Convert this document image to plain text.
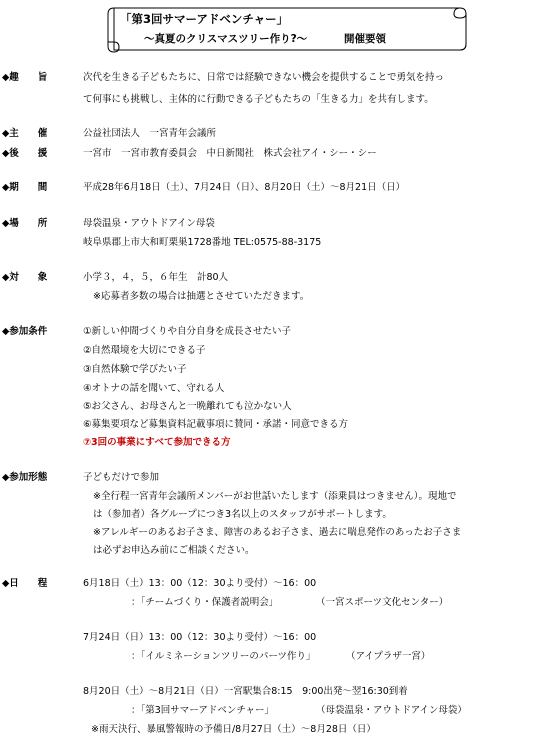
「第3回サマーアドベンチャー」
～真夏のクリスマスツリー作り?～	開催要領
◆趣　　旨	次代を生きる子どもたちに、日常では経験できない機会を提供することで勇気を持っ
て何事にも挑戦し、主体的に行動できる子どもたちの「生きる力」を共有します。
◆主　　催	公益社団法人　一宮青年会議所
◆後　　援	一宮市　一宮市教育委員会　中日新聞社　株式会社アイ・シー・シー
◆期　　間	平成28年6月18日（土）、7月24日（日）、8月20日（土）～8月21日（日）
◆場　　所	母袋温泉・アウトドアイン母袋
岐阜県郡上市大和町栗巣1728番地 TEL:0575-88-3175
◆対　　象	小学３，４，５，６年生　計80人
※応募者多数の場合は抽選とさせていただきます。
◆参加条件	①新しい仲間づくりや自分自身を成長させたい子
②自然環境を大切にできる子
③自然体験で学びたい子
④オトナの話を聞いて、守れる人
⑤お父さん、お母さんと一晩離れても泣かない人
⑥募集要項など募集資料記載事項に賛同・承諾・同意できる方
⑦3回の事業にすべて参加できる方
◆参加形態	子どもだけで参加
※全行程一宮青年会議所メンバーがお世話いたします（添乗員はつきません）。現地で
は（参加者）各グループにつき3名以上のスタッフがサポートします。
※アレルギーのあるお子さま、障害のあるお子さま、過去に喘息発作のあったお子さま
は必ずお申込み前にご相談ください。
◆日　　程	6月18日（土）13：00（12：30より受付）～16：00
：「チームづくり・保護者説明会」	（一宮スポーツ文化センター）
7月24日（日）13：00（12：30より受付）～16：00
：「イルミネーションツリーのパーツ作り」	（アイプラザ一宮）
8月20日（土）～8月21日（日）一宮駅集合8:15　9:00出発～翌16:30到着
：「第3回サマーアドベンチャー」	（母袋温泉・アウトドアイン母袋）
※雨天決行、暴風警報時の予備日/8月27日（土）～8月28日（日）
